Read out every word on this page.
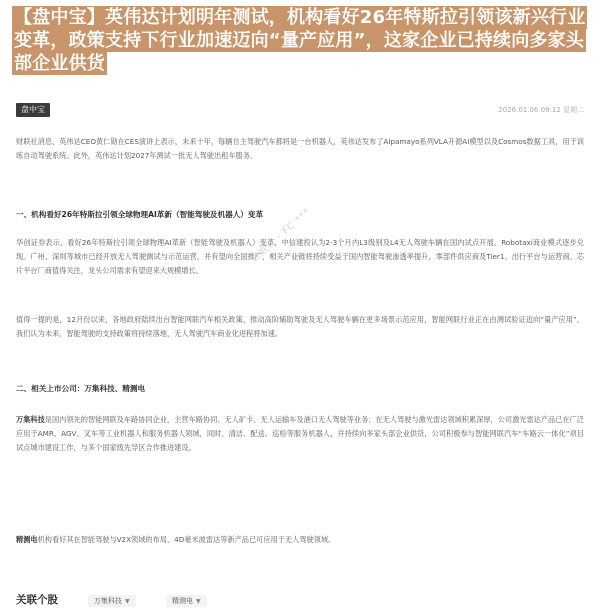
【盘中宝】英伟达计划明年测试，机构看好26年特斯拉引领该新兴行业变革，政策支持下行业加速迈向“量产应用”，这家企业已持续向多家头部企业供货
盘中宝	2026.01.06 09:12 星期二

财联社消息，英伟达CEO黄仁勋在CES演讲上表示，未来十年，每辆自主驾驶汽车都将是一台机器人，英伟达发布了Alpamayo系列VLA开源AI模型以及Cosmos数据工具，用于训练自动驾驶系统。此外，英伟达计划2027年测试一批无人驾驶出租车服务。

一、机构看好26年特斯拉引领全球物理AI革新（智能驾驶及机器人）变革

华创证券表示，看好26年特斯拉引领全球物理AI革新（智能驾驶及机器人）变革，中信建投认为2-3个月内L3级别及L4无人驾驶车辆在国内试点开展，Robotaxi商业模式逐步兑现。广州、深圳等城市已经开放无人驾驶测试与示范运营，并有望向全国推广，相关产业链将持续受益于国内智能驾驶渗透率提升，零部件供应商及Tier1、出行平台与运营商、芯片平台厂商值得关注，龙头公司需求有望迎来大规模增长。

值得一提的是，12月份以来，各地政府陆续出台智能网联汽车相关政策，推动高阶辅助驾驶及无人驾驶车辆在更多场景示范应用，智能网联行业正在由测试验证迈向“量产应用”，我们认为未来，智能驾驶的支持政策将持续落地，无人驾驶汽车商业化进程将加速。

二、相关上市公司：万集科技、精测电

万集科技是国内领先的智能网联及车路协同企业，主营车路协同、无人矿卡、无人运输车及港口无人驾驶等业务；在无人驾驶与激光雷达领域积累深厚，公司激光雷达产品已在广泛应用于AMR、AGV、叉车等工业机器人和服务机器人领域，同时、清洁、配送、巡检等服务机器人，并持续向多家头部企业供货，公司积极参与智能网联汽车“车路云一体化”项目试点城市建设工作，与多个国家级先导区合作推进建设。

精测电机构看好其在智能驾驶与V2X领域的布局，4D毫米波雷达等新产品已可应用于无人驾驶领域。

财联社 · FC ***
关联个股	万集科技 ▼	精测电 ▼
